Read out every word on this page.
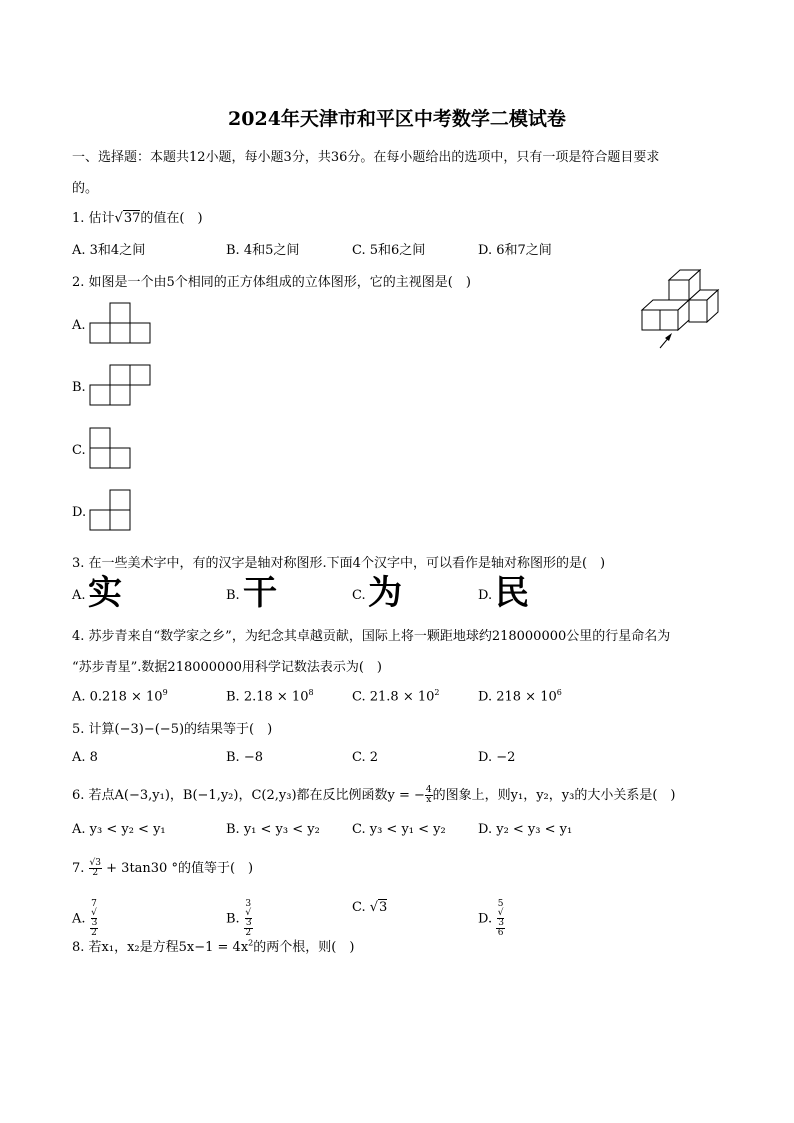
2024年天津市和平区中考数学二模试卷
一、选择题：本题共12小题，每小题3分，共36分。在每小题给出的选项中，只有一项是符合题目要求
的。
1. 估计√37的值在(　)
A. 3和4之间	B. 4和5之间	C. 5和6之间	D. 6和7之间
2. 如图是一个由5个相同的正方体组成的立体图形，它的主视图是(　)
A.
B.
C.
D.
3. 在一些美术字中，有的汉字是轴对称图形.下面4个汉字中，可以看作是轴对称图形的是(　)
A. 实	B. 干	C. 为	D. 民
4. 苏步青来自“数学家之乡”，为纪念其卓越贡献，国际上将一颗距地球约218000000公里的行星命名为
“苏步青星”.数据218000000用科学记数法表示为(　)
A. $0.218 \times 10^9$	B. $2.18 \times 10^8$	C. $21.8 \times 10^2$	D. $218 \times 10^6$
5. 计算(−3)−(−5)的结果等于(　)
A. 8	B. −8	C. 2	D. −2
6. 若点A(−3,y₁)，B(−1,y₂)，C(2,y₃)都在反比例函数y = − $\frac{4}{x}$ 的图象上，则y₁，y₂，y₃的大小关系是(　)
A. y₃ < y₂ < y₁	B. y₁ < y₃ < y₂ C. y₃ < y₁ < y₂ D. y₂ < y₃ < y₁
7. $\frac{√3}{2} + 3\tan 30$ °的值等于(　)
A. 7
√
3
2	B. 3
√
3
2	C. √3
D. 5
√
3
6
8. 若x₁，x₂是方程$5x-1 = 4x^2$的两个根，则(　)
